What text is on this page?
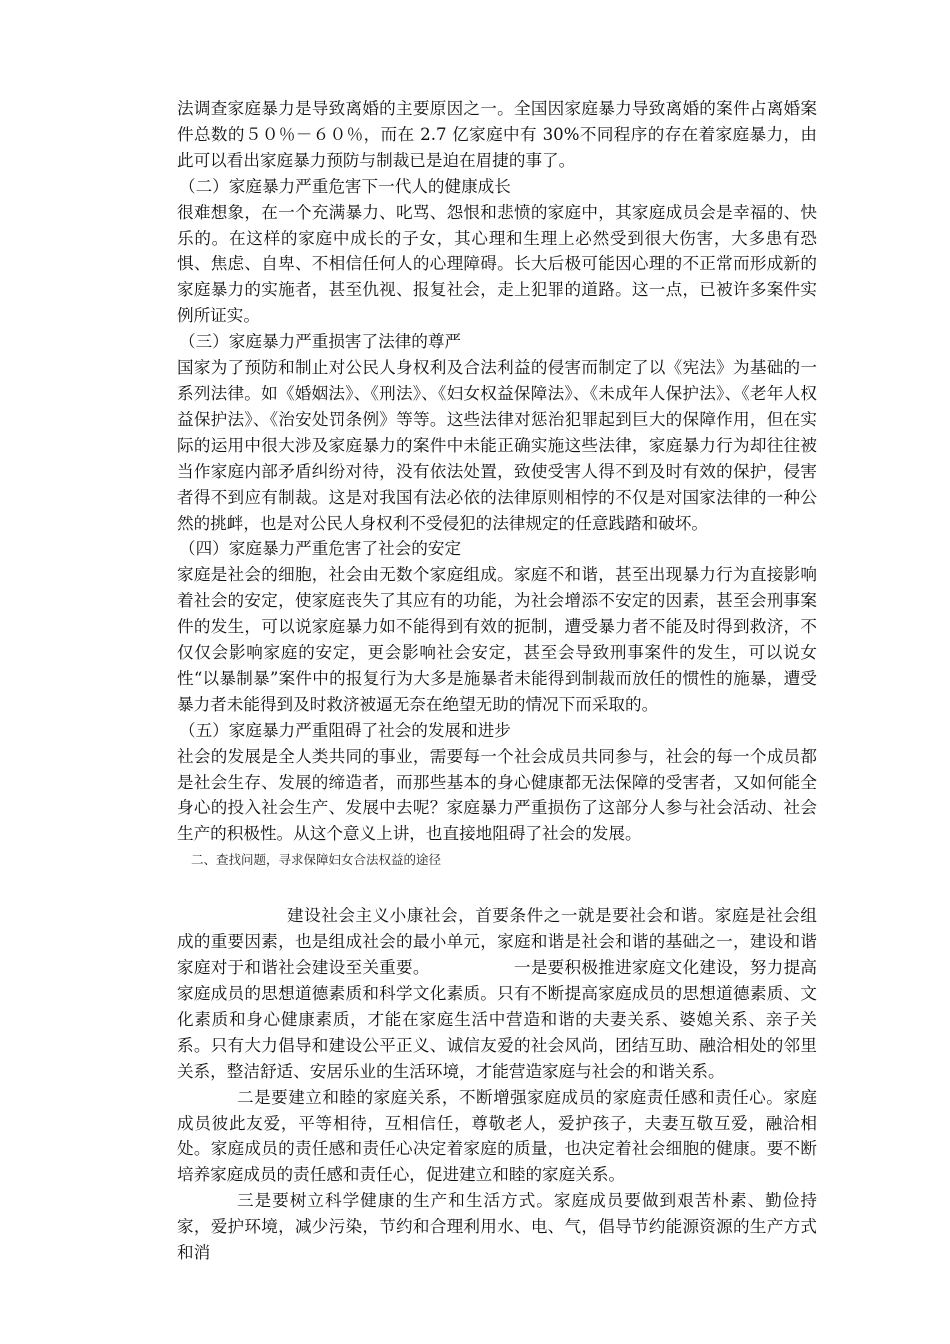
法调查家庭暴力是导致离婚的主要原因之一。全国因家庭暴力导致离婚的案件占离婚案件总数的５０％－６０％，而在 2.7 亿家庭中有 30%不同程序的存在着家庭暴力，由此可以看出家庭暴力预防与制裁已是迫在眉捷的事了。

（二）家庭暴力严重危害下一代人的健康成长

很难想象，在一个充满暴力、叱骂、怨恨和悲愤的家庭中，其家庭成员会是幸福的、快乐的。在这样的家庭中成长的子女，其心理和生理上必然受到很大伤害，大多患有恐惧、焦虑、自卑、不相信任何人的心理障碍。长大后极可能因心理的不正常而形成新的家庭暴力的实施者，甚至仇视、报复社会，走上犯罪的道路。这一点，已被许多案件实例所证实。

（三）家庭暴力严重损害了法律的尊严

国家为了预防和制止对公民人身权利及合法利益的侵害而制定了以《宪法》为基础的一系列法律。如《婚姻法》、《刑法》、《妇女权益保障法》、《未成年人保护法》、《老年人权益保护法》、《治安处罚条例》等等。这些法律对惩治犯罪起到巨大的保障作用，但在实际的运用中很大涉及家庭暴力的案件中未能正确实施这些法律，家庭暴力行为却往往被当作家庭内部矛盾纠纷对待，没有依法处置，致使受害人得不到及时有效的保护，侵害者得不到应有制裁。这是对我国有法必依的法律原则相悖的不仅是对国家法律的一种公然的挑衅，也是对公民人身权利不受侵犯的法律规定的任意践踏和破坏。

（四）家庭暴力严重危害了社会的安定

家庭是社会的细胞，社会由无数个家庭组成。家庭不和谐，甚至出现暴力行为直接影响着社会的安定，使家庭丧失了其应有的功能，为社会增添不安定的因素，甚至会刑事案件的发生，可以说家庭暴力如不能得到有效的扼制，遭受暴力者不能及时得到救济，不仅仅会影响家庭的安定，更会影响社会安定，甚至会导致刑事案件的发生，可以说女性“以暴制暴”案件中的报复行为大多是施暴者未能得到制裁而放任的惯性的施暴，遭受暴力者未能得到及时救济被逼无奈在绝望无助的情况下而采取的。

（五）家庭暴力严重阻碍了社会的发展和进步

社会的发展是全人类共同的事业，需要每一个社会成员共同参与，社会的每一个成员都是社会生存、发展的缔造者，而那些基本的身心健康都无法保障的受害者，又如何能全身心的投入社会生产、发展中去呢？家庭暴力严重损伤了这部分人参与社会活动、社会生产的积极性。从这个意义上讲，也直接地阻碍了社会的发展。

二、查找问题，寻求保障妇女合法权益的途径

建设社会主义小康社会，首要条件之一就是要社会和谐。家庭是社会组成的重要因素，也是组成社会的最小单元，家庭和谐是社会和谐的基础之一，建设和谐家庭对于和谐社会建设至关重要。	一是要积极推进家庭文化建设，努力提高家庭成员的思想道德素质和科学文化素质。只有不断提高家庭成员的思想道德素质、文化素质和身心健康素质，才能在家庭生活中营造和谐的夫妻关系、婆媳关系、亲子关系。只有大力倡导和建设公平正义、诚信友爱的社会风尚，团结互助、融洽相处的邻里关系，整洁舒适、安居乐业的生活环境，才能营造家庭与社会的和谐关系。

二是要建立和睦的家庭关系，不断增强家庭成员的家庭责任感和责任心。家庭成员彼此友爱，平等相待，互相信任，尊敬老人，爱护孩子，夫妻互敬互爱，融洽相处。家庭成员的责任感和责任心决定着家庭的质量，也决定着社会细胞的健康。要不断培养家庭成员的责任感和责任心，促进建立和睦的家庭关系。

三是要树立科学健康的生产和生活方式。家庭成员要做到艰苦朴素、勤俭持家，爱护环境，减少污染，节约和合理利用水、电、气，倡导节约能源资源的生产方式和消
